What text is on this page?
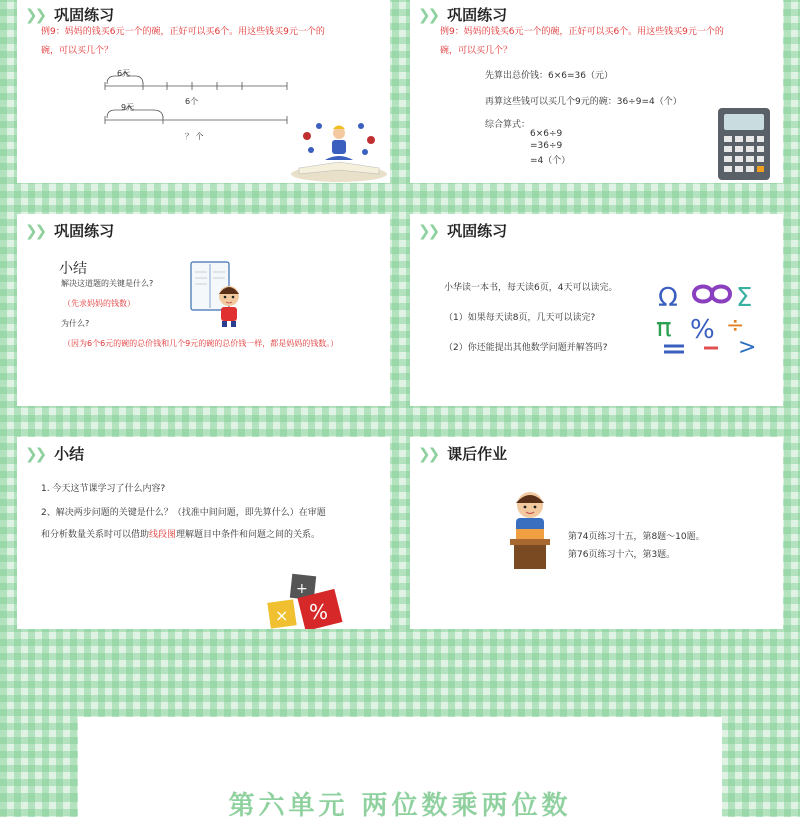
❯❯ 巩固练习
例9：妈妈的钱买6元一个的碗，正好可以买6个。用这些钱买9元一个的
碗，可以买几个？
6元
6个
9元
？ 个
❯❯ 巩固练习
例9：妈妈的钱买6元一个的碗，正好可以买6个。用这些钱买9元一个的
碗，可以买几个？
先算出总价钱：6×6=36（元）
再算这些钱可以买几个9元的碗：36÷9=4（个）
综合算式：
6×6÷9
=36÷9
=4（个）
❯❯ 巩固练习
小结
解决这道题的关键是什么?
（先求妈妈的钱数）
为什么?
（因为6个6元的碗的总价钱和几个9元的碗的总价钱一样，都是妈妈的钱数。）
❯❯ 巩固练习
小华读一本书，每天读6页，4天可以读完。
（1）如果每天读8页，几天可以读完?
（2）你还能提出其他数学问题并解答吗?
Ω Σ
π % ÷
>
❯❯ 小结
1. 今天这节课学习了什么内容?
2、解决两步问题的关键是什么？（找准中间问题，即先算什么）在审题
和分析数量关系时可以借助线段图理解题目中条件和问题之间的关系。
×
+
%
❯❯ 课后作业
第74页练习十五，第8题～10题。
第76页练习十六，第3题。
第六单元 两位数乘两位数
